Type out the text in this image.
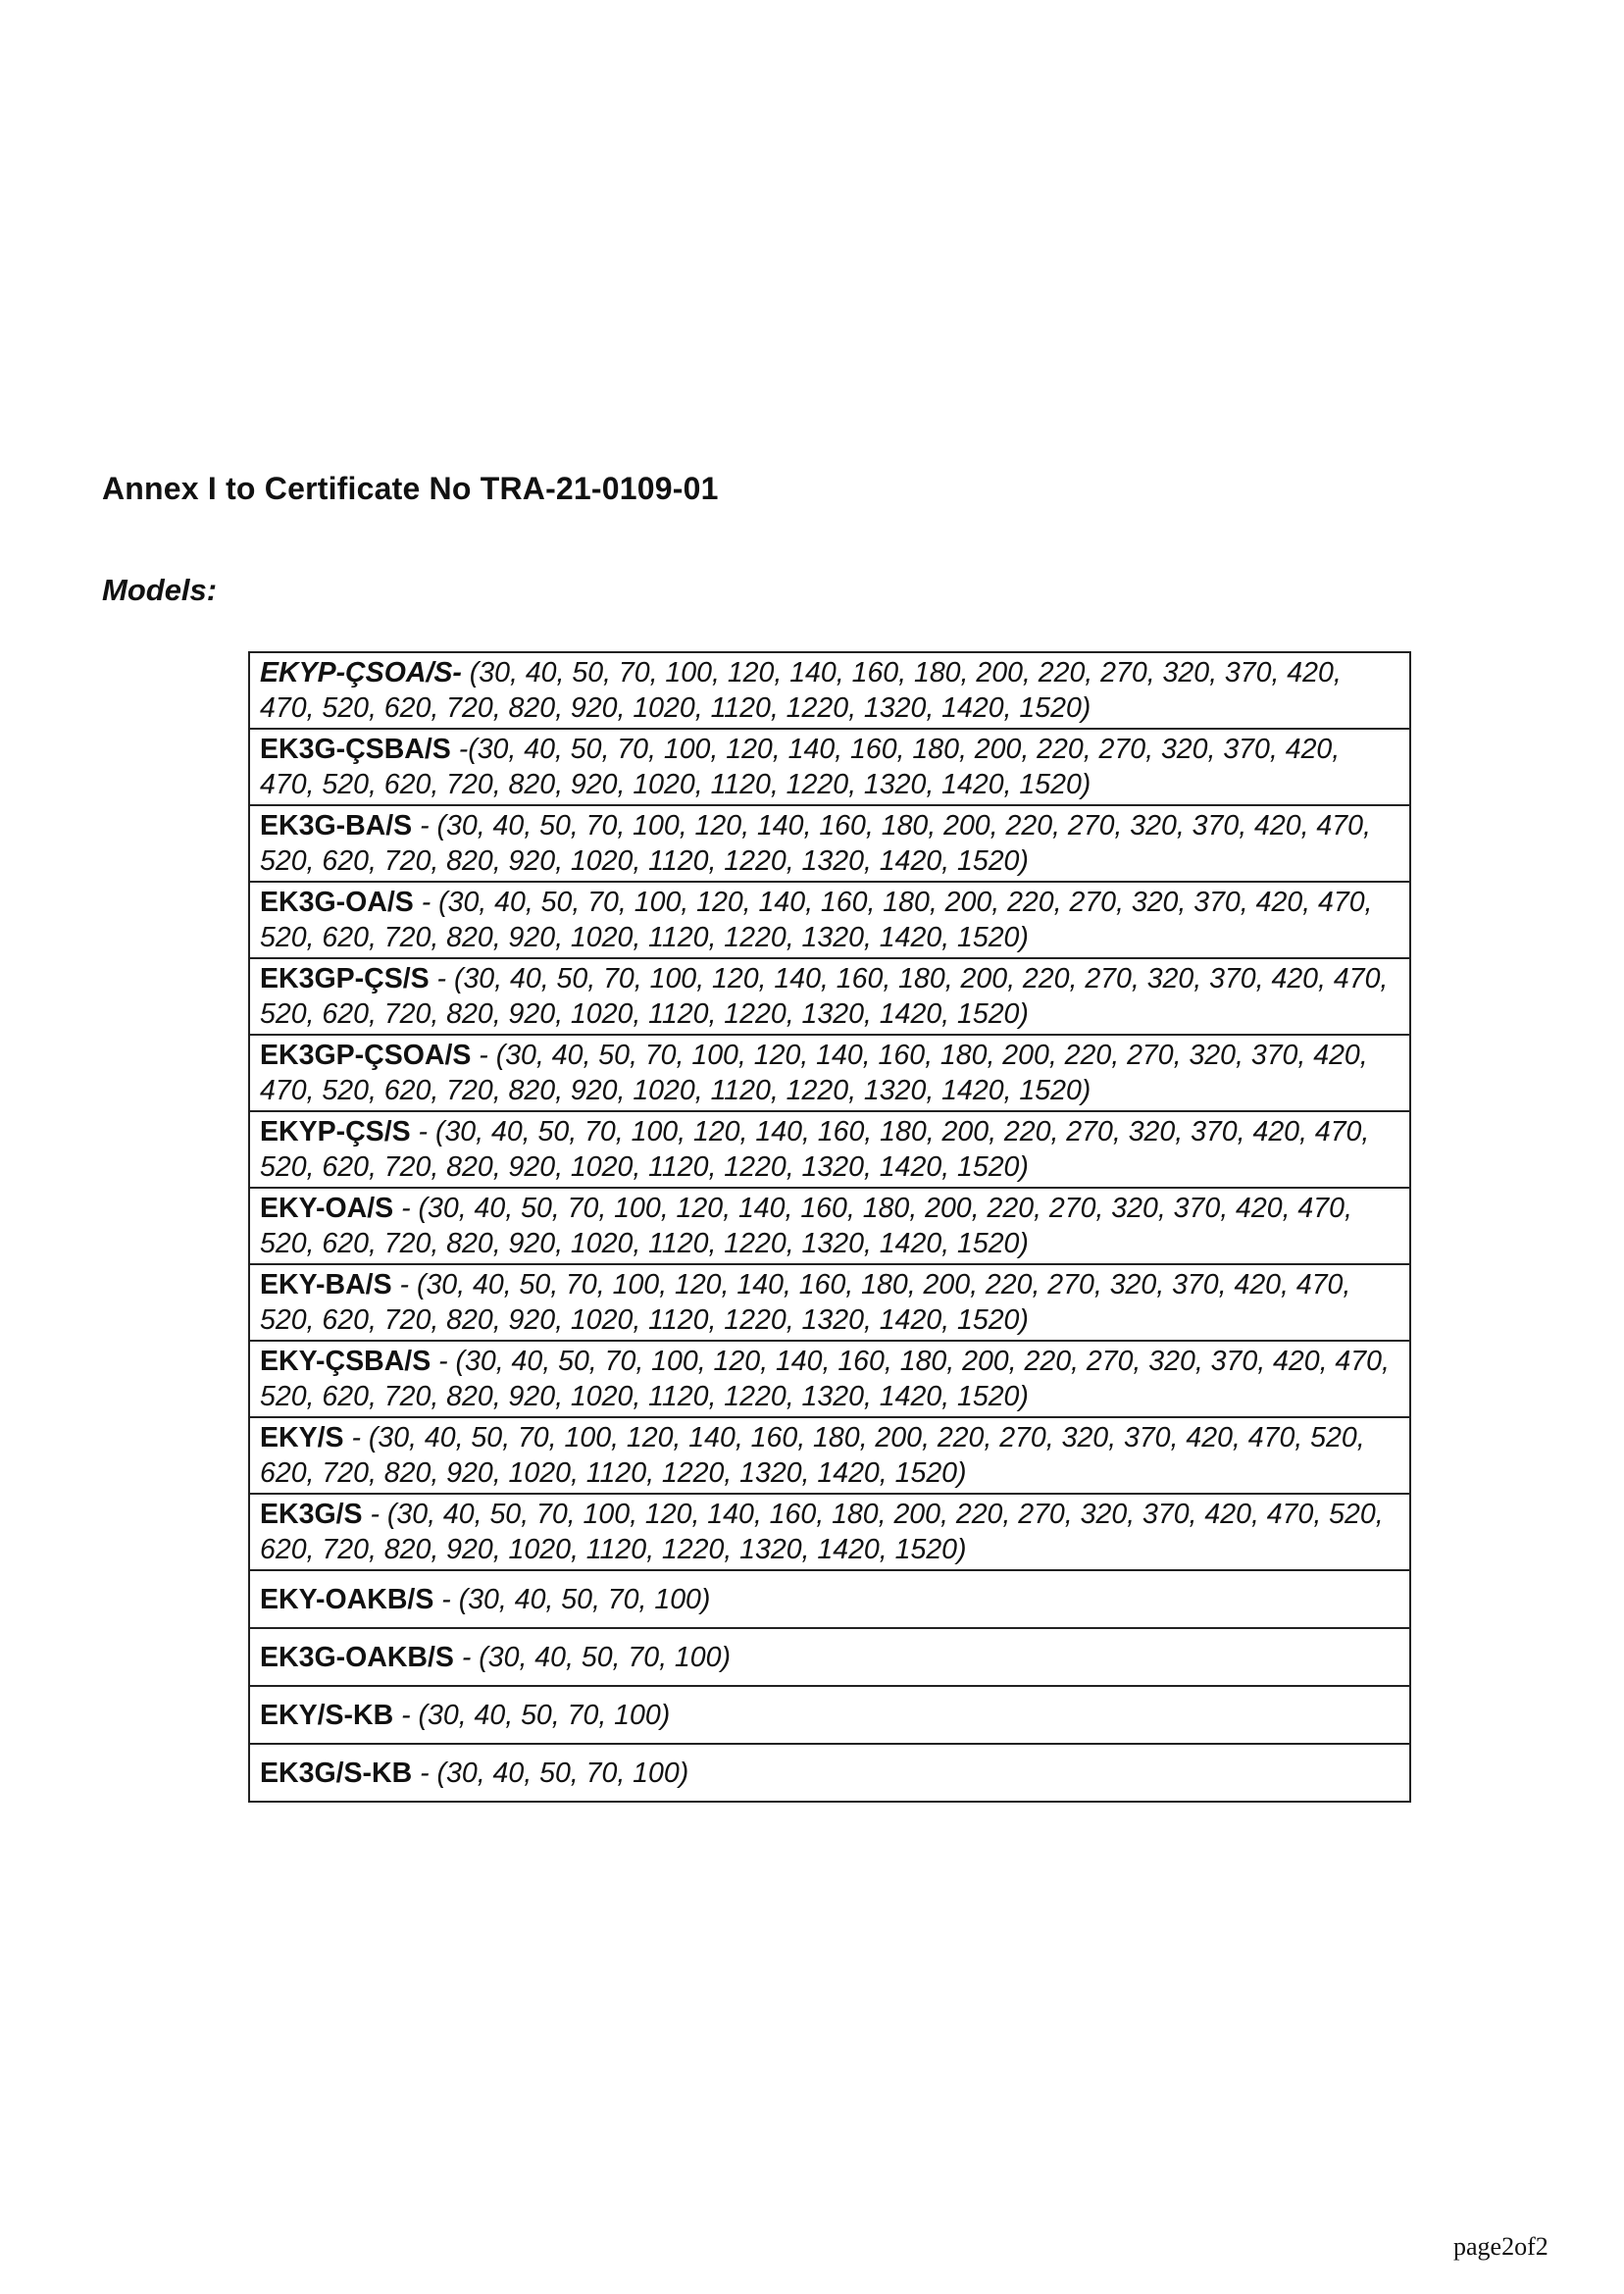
Annex I to Certificate No TRA-21-0109-01
Models:
EKYP-ÇSOA/S- (30, 40, 50, 70, 100, 120, 140, 160, 180, 200, 220, 270, 320, 370, 420, 470, 520, 620, 720, 820, 920, 1020, 1120, 1220, 1320, 1420, 1520)
EK3G-ÇSBA/S -(30, 40, 50, 70, 100, 120, 140, 160, 180, 200, 220, 270, 320, 370, 420, 470, 520, 620, 720, 820, 920, 1020, 1120, 1220, 1320, 1420, 1520)
EK3G-BA/S - (30, 40, 50, 70, 100, 120, 140, 160, 180, 200, 220, 270, 320, 370, 420, 470, 520, 620, 720, 820, 920, 1020, 1120, 1220, 1320, 1420, 1520)
EK3G-OA/S - (30, 40, 50, 70, 100, 120, 140, 160, 180, 200, 220, 270, 320, 370, 420, 470, 520, 620, 720, 820, 920, 1020, 1120, 1220, 1320, 1420, 1520)
EK3GP-ÇS/S - (30, 40, 50, 70, 100, 120, 140, 160, 180, 200, 220, 270, 320, 370, 420, 470, 520, 620, 720, 820, 920, 1020, 1120, 1220, 1320, 1420, 1520)
EK3GP-ÇSOA/S - (30, 40, 50, 70, 100, 120, 140, 160, 180, 200, 220, 270, 320, 370, 420, 470, 520, 620, 720, 820, 920, 1020, 1120, 1220, 1320, 1420, 1520)
EKYP-ÇS/S - (30, 40, 50, 70, 100, 120, 140, 160, 180, 200, 220, 270, 320, 370, 420, 470, 520, 620, 720, 820, 920, 1020, 1120, 1220, 1320, 1420, 1520)
EKY-OA/S - (30, 40, 50, 70, 100, 120, 140, 160, 180, 200, 220, 270, 320, 370, 420, 470, 520, 620, 720, 820, 920, 1020, 1120, 1220, 1320, 1420, 1520)
EKY-BA/S - (30, 40, 50, 70, 100, 120, 140, 160, 180, 200, 220, 270, 320, 370, 420, 470, 520, 620, 720, 820, 920, 1020, 1120, 1220, 1320, 1420, 1520)
EKY-ÇSBA/S - (30, 40, 50, 70, 100, 120, 140, 160, 180, 200, 220, 270, 320, 370, 420, 470, 520, 620, 720, 820, 920, 1020, 1120, 1220, 1320, 1420, 1520)
EKY/S - (30, 40, 50, 70, 100, 120, 140, 160, 180, 200, 220, 270, 320, 370, 420, 470, 520, 620, 720, 820, 920, 1020, 1120, 1220, 1320, 1420, 1520)
EK3G/S - (30, 40, 50, 70, 100, 120, 140, 160, 180, 200, 220, 270, 320, 370, 420, 470, 520, 620, 720, 820, 920, 1020, 1120, 1220, 1320, 1420, 1520)
EKY-OAKB/S - (30, 40, 50, 70, 100)
EK3G-OAKB/S - (30, 40, 50, 70, 100)
EKY/S-KB - (30, 40, 50, 70, 100)
EK3G/S-KB - (30, 40, 50, 70, 100)
page2of2
